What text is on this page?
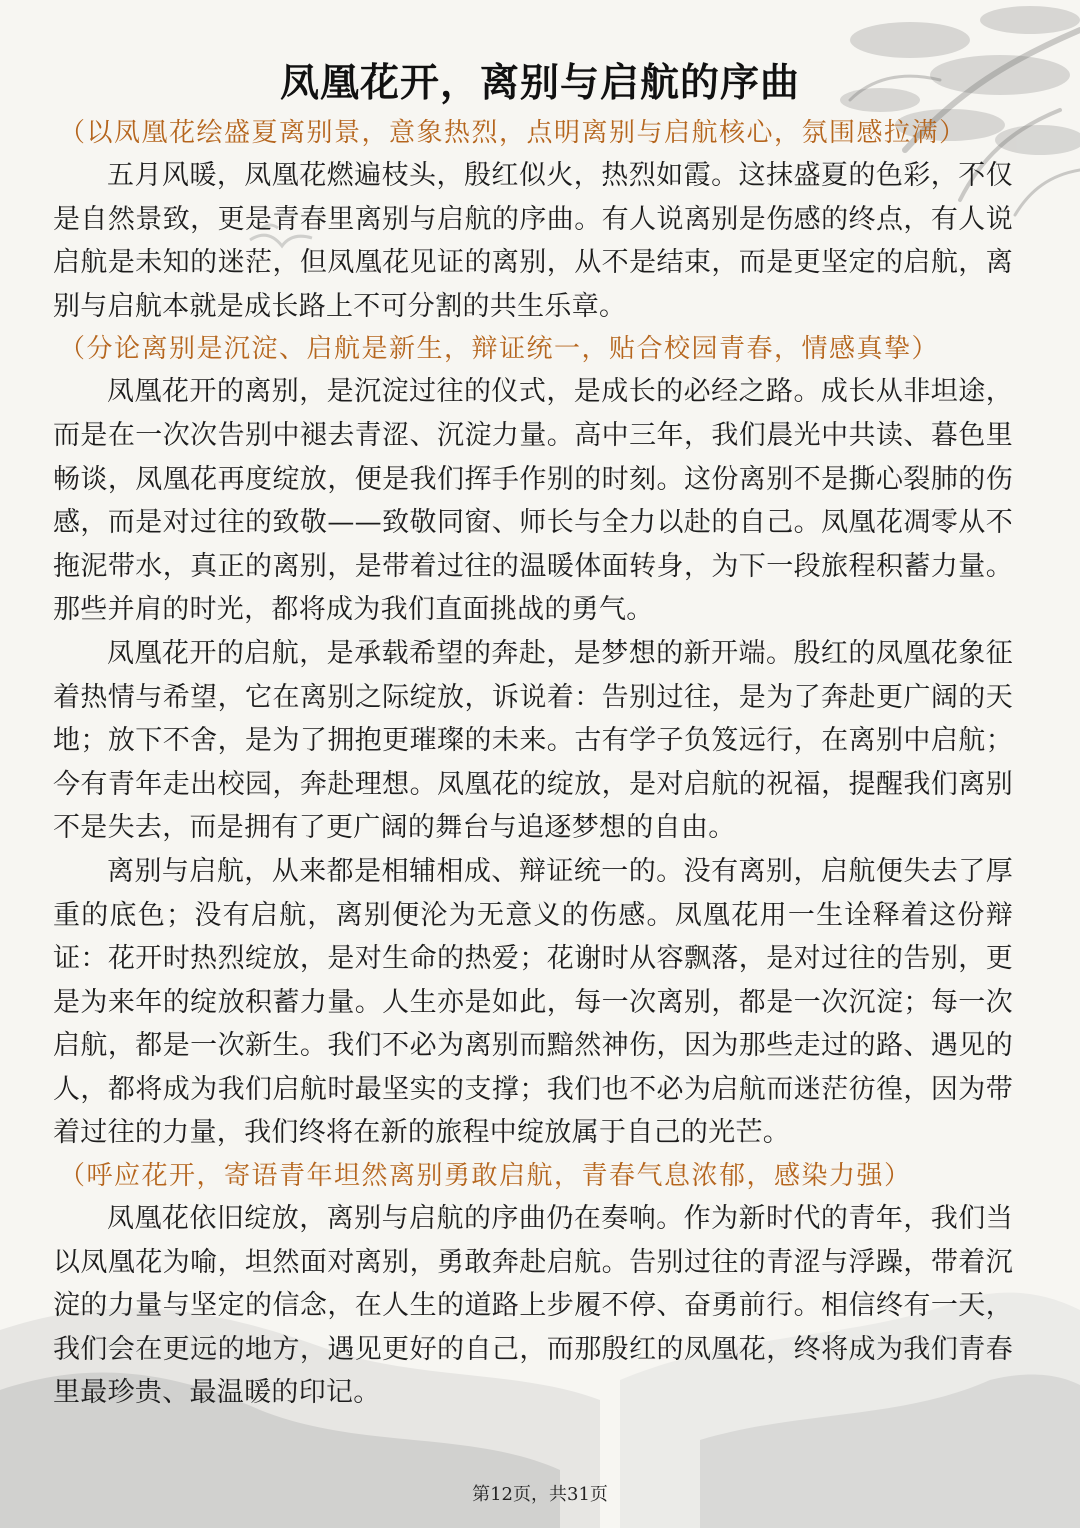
凤凰花开，离别与启航的序曲
（以凤凰花绘盛夏离别景，意象热烈，点明离别与启航核心，氛围感拉满）

五月风暖，凤凰花燃遍枝头，殷红似火，热烈如霞。这抹盛夏的色彩，不仅是自然景致，更是青春里离别与启航的序曲。有人说离别是伤感的终点，有人说启航是未知的迷茫，但凤凰花见证的离别，从不是结束，而是更坚定的启航，离别与启航本就是成长路上不可分割的共生乐章。

（分论离别是沉淀、启航是新生，辩证统一，贴合校园青春，情感真挚）

凤凰花开的离别，是沉淀过往的仪式，是成长的必经之路。成长从非坦途，而是在一次次告别中褪去青涩、沉淀力量。高中三年，我们晨光中共读、暮色里畅谈，凤凰花再度绽放，便是我们挥手作别的时刻。这份离别不是撕心裂肺的伤感，而是对过往的致敬——致敬同窗、师长与全力以赴的自己。凤凰花凋零从不拖泥带水，真正的离别，是带着过往的温暖体面转身，为下一段旅程积蓄力量。那些并肩的时光，都将成为我们直面挑战的勇气。

凤凰花开的启航，是承载希望的奔赴，是梦想的新开端。殷红的凤凰花象征着热情与希望，它在离别之际绽放，诉说着：告别过往，是为了奔赴更广阔的天地；放下不舍，是为了拥抱更璀璨的未来。古有学子负笈远行，在离别中启航；今有青年走出校园，奔赴理想。凤凰花的绽放，是对启航的祝福，提醒我们离别不是失去，而是拥有了更广阔的舞台与追逐梦想的自由。

离别与启航，从来都是相辅相成、辩证统一的。没有离别，启航便失去了厚重的底色；没有启航，离别便沦为无意义的伤感。凤凰花用一生诠释着这份辩证：花开时热烈绽放，是对生命的热爱；花谢时从容飘落，是对过往的告别，更是为来年的绽放积蓄力量。人生亦是如此，每一次离别，都是一次沉淀；每一次启航，都是一次新生。我们不必为离别而黯然神伤，因为那些走过的路、遇见的人，都将成为我们启航时最坚实的支撑；我们也不必为启航而迷茫彷徨，因为带着过往的力量，我们终将在新的旅程中绽放属于自己的光芒。

（呼应花开，寄语青年坦然离别勇敢启航，青春气息浓郁，感染力强）

凤凰花依旧绽放，离别与启航的序曲仍在奏响。作为新时代的青年，我们当以凤凰花为喻，坦然面对离别，勇敢奔赴启航。告别过往的青涩与浮躁，带着沉淀的力量与坚定的信念，在人生的道路上步履不停、奋勇前行。相信终有一天，我们会在更远的地方，遇见更好的自己，而那殷红的凤凰花，终将成为我们青春里最珍贵、最温暖的印记。

第12页，共31页
